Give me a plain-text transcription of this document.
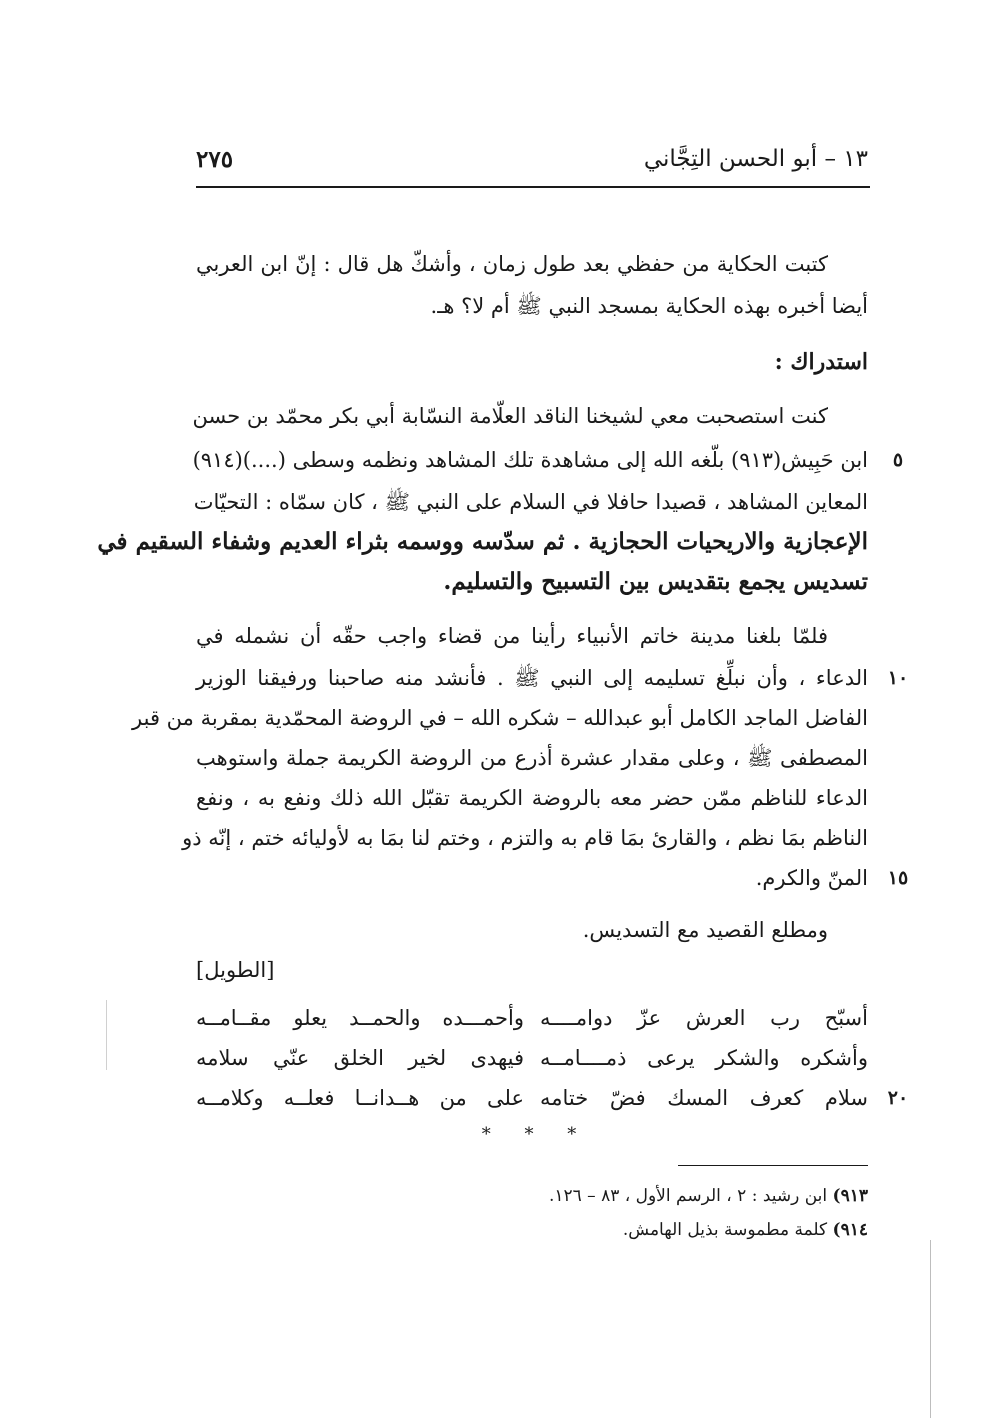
١٣ – أبو الحسن التِجَّاني
٢٧٥
كتبت الحكاية من حفظي بعد طول زمان ، وأشكّ هل قال : إنّ ابن العربي
أيضا أخبره بهذه الحكاية بمسجد النبي ﷺ أم لا؟ هـ.
استدراك :
كنت استصحبت معي لشيخنا الناقد العلّامة النسّابة أبي بكر محمّد بن حسن
ابن حَبِيش(٩١٣) بلّغه الله إلى مشاهدة تلك المشاهد ونظمه وسطى (....)(٩١٤)	٥
المعاين المشاهد ، قصيدا حافلا في السلام على النبي ﷺ ، كان سمّاه : التحيّات
الإعجازية والاريحيات الحجازية . ثم سدّسه ووسمه بثراء العديم وشفاء السقيم في
تسديس يجمع بتقديس بين التسبيح والتسليم.
فلمّا بلغنا مدينة خاتم الأنبياء رأينا من قضاء واجب حقّه أن نشمله في
الدعاء ، وأن نبلِّغ تسليمه إلى النبي ﷺ . فأنشد منه صاحبنا ورفيقنا الوزير	١٠
الفاضل الماجد الكامل أبو عبدالله – شكره الله – في الروضة المحمّدية بمقربة من قبر
المصطفى ﷺ ، وعلى مقدار عشرة أذرع من الروضة الكريمة جملة واستوهب
الدعاء للناظم ممّن حضر معه بالروضة الكريمة تقبّل الله ذلك ونفع به ، ونفع
الناظم بمَا نظم ، والقارئ بمَا قام به والتزم ، وختم لنا بمَا به لأوليائه ختم ، إنّه ذو
المنّ والكرم.	١٥
ومطلع القصيد مع التسديس.
[الطويل]
أسبّح رب العرش عزّ دوامــــه
وأحمـــده والحمــد يعلو مقــامــه
وأشكره والشكر يرعى ذمــــامــه
فيهدى لخير الخلق عنّي سلامه
سلام كعرف المسك فضّ ختامه
على من هــدانــا فعلــه وكلامــه	٢٠
* * *
٩١٣) ابن رشيد : ٢ ، الرسم الأول ، ٨٣ – ١٢٦.
٩١٤) كلمة مطموسة بذيل الهامش.
